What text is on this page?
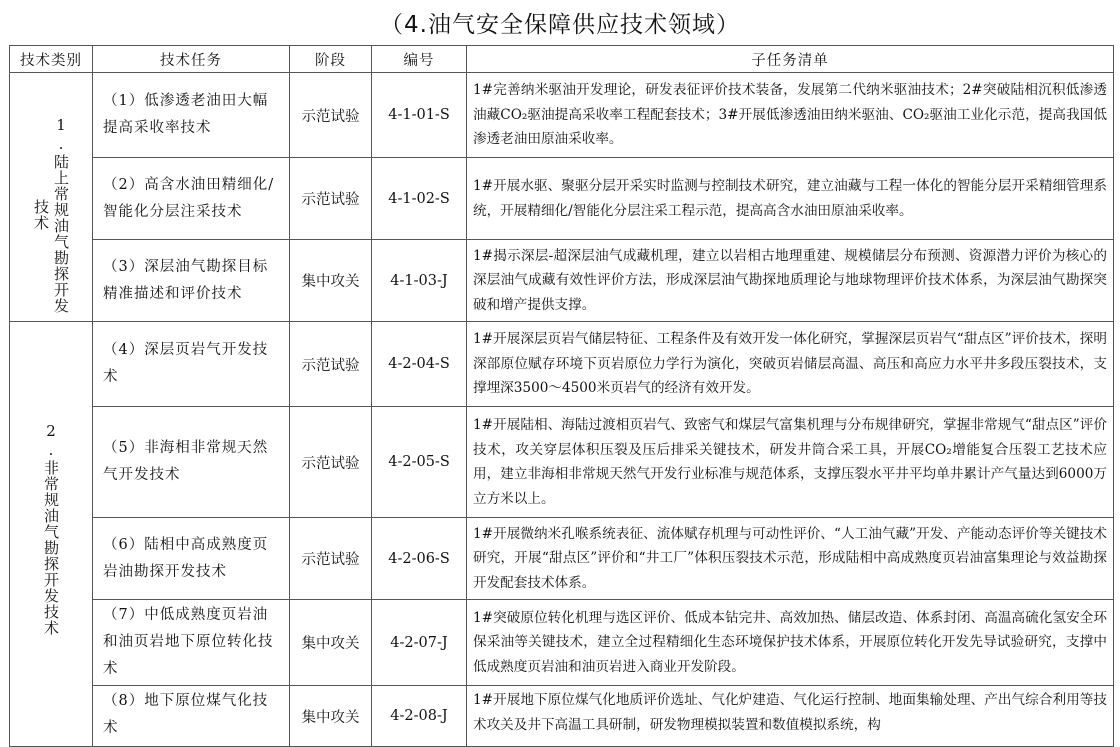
（4.油气安全保障供应技术领域）
技术类别	技术任务	阶段	编号	子任务清单
1.陆上常规油气勘探开发技术	（1）低渗透老油田大幅提高采收率技术	示范试验	4-1-01-S	1#完善纳米驱油开发理论，研发表征评价技术装备，发展第二代纳米驱油技术；2#突破陆相沉积低渗透油藏CO₂驱油提高采收率工程配套技术；3#开展低渗透油田纳米驱油、CO₂驱油工业化示范，提高我国低渗透老油田原油采收率。
	（2）高含水油田精细化/智能化分层注采技术	示范试验	4-1-02-S	1#开展水驱、聚驱分层开采实时监测与控制技术研究，建立油藏与工程一体化的智能分层开采精细管理系统，开展精细化/智能化分层注采工程示范，提高高含水油田原油采收率。
	（3）深层油气勘探目标精准描述和评价技术	集中攻关	4-1-03-J	1#揭示深层-超深层油气成藏机理，建立以岩相古地理重建、规模储层分布预测、资源潜力评价为核心的深层油气成藏有效性评价方法，形成深层油气勘探地质理论与地球物理评价技术体系，为深层油气勘探突破和增产提供支撑。
2.非常规油气勘探开发技术	（4）深层页岩气开发技术	示范试验	4-2-04-S	1#开展深层页岩气储层特征、工程条件及有效开发一体化研究，掌握深层页岩气“甜点区”评价技术，探明深部原位赋存环境下页岩原位力学行为演化，突破页岩储层高温、高压和高应力水平井多段压裂技术，支撑埋深3500～4500米页岩气的经济有效开发。
	（5）非海相非常规天然气开发技术	示范试验	4-2-05-S	1#开展陆相、海陆过渡相页岩气、致密气和煤层气富集机理与分布规律研究，掌握非常规气“甜点区”评价技术，攻关穿层体积压裂及压后排采关键技术，研发井筒合采工具，开展CO₂增能复合压裂工艺技术应用，建立非海相非常规天然气开发行业标准与规范体系，支撑压裂水平井平均单井累计产气量达到6000万立方米以上。
	（6）陆相中高成熟度页岩油勘探开发技术	示范试验	4-2-06-S	1#开展微纳米孔喉系统表征、流体赋存机理与可动性评价、“人工油气藏”开发、产能动态评价等关键技术研究，开展“甜点区”评价和“井工厂”体积压裂技术示范，形成陆相中高成熟度页岩油富集理论与效益勘探开发配套技术体系。
	（7）中低成熟度页岩油和油页岩地下原位转化技术	集中攻关	4-2-07-J	1#突破原位转化机理与选区评价、低成本钻完井、高效加热、储层改造、体系封闭、高温高硫化氢安全环保采油等关键技术，建立全过程精细化生态环境保护技术体系，开展原位转化开发先导试验研究，支撑中低成熟度页岩油和油页岩进入商业开发阶段。
	（8）地下原位煤气化技术	集中攻关	4-2-08-J	1#开展地下原位煤气化地质评价选址、气化炉建造、气化运行控制、地面集输处理、产出气综合利用等技术攻关及井下高温工具研制，研发物理模拟装置和数值模拟系统，构
